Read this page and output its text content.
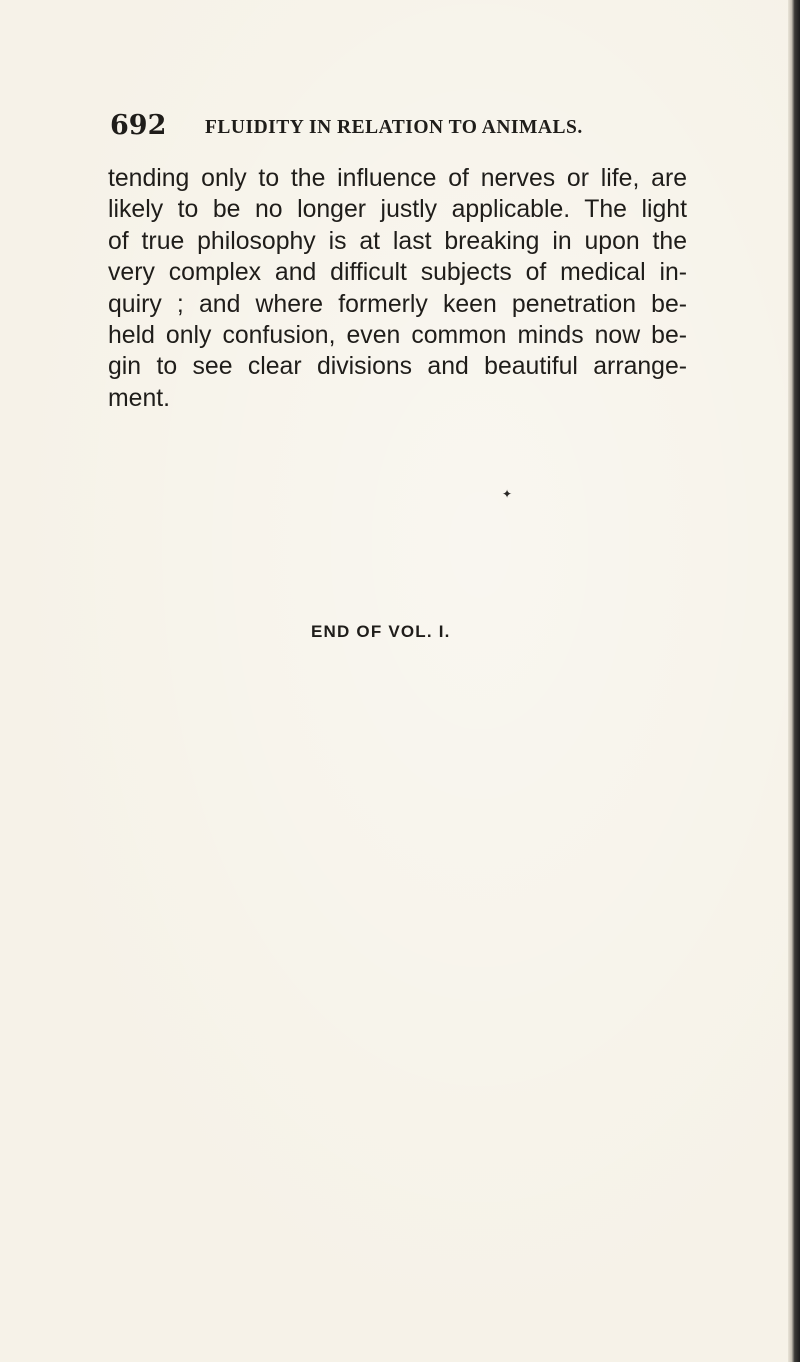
692 FLUIDITY IN RELATION TO ANIMALS.
tending only to the influence of nerves or life, are
likely to be no longer justly applicable. The light
of true philosophy is at last breaking in upon the
very complex and difficult subjects of medical in-
quiry ; and where formerly keen penetration be-
held only confusion, even common minds now be-
gin to see clear divisions and beautiful arrange-
ment.
✦
END OF VOL. I.
